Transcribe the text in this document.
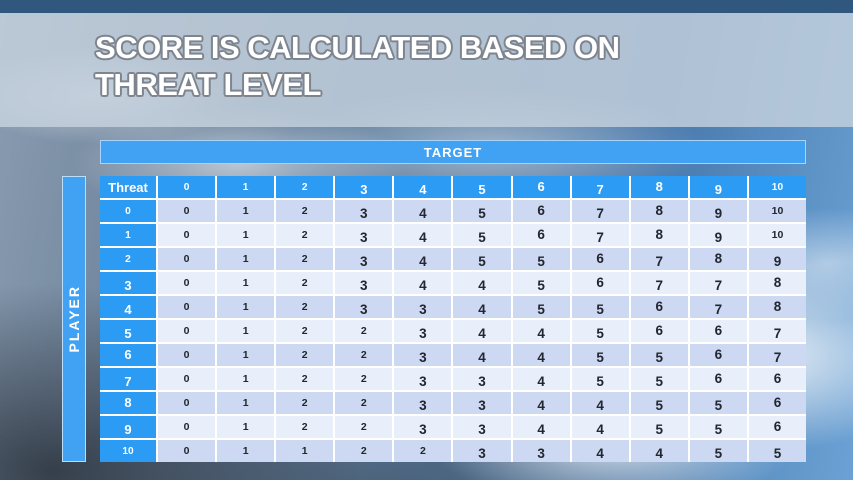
SCORE IS CALCULATED BASED ON
THREAT LEVEL
TARGET
PLAYER
Threat	0	1	2	3	4	5	6	7	8	9	1 0
0	0	1	2	3	4	5	6	7	8	9	1 0
1	0	1	2	3	4	5	6	7	8	9	1 0
2	0	1	2	3	4	5	5	6	7	8	9
3	0	1	2	3	4	4	5	6	7	7	8
4	0	1	2	3	3	4	5	5	6	7	8
5	0	1	2	2	3	4	4	5	6	6	7
6	0	1	2	2	3	4	4	5	5	6	7
7	0	1	2	2	3	3	4	5	5	6	6
8	0	1	2	2	3	3	4	4	5	5	6
9	0	1	2	2	3	3	4	4	5	5	6
1 0	0	1	1	2	2	3	3	4	4	5	5
